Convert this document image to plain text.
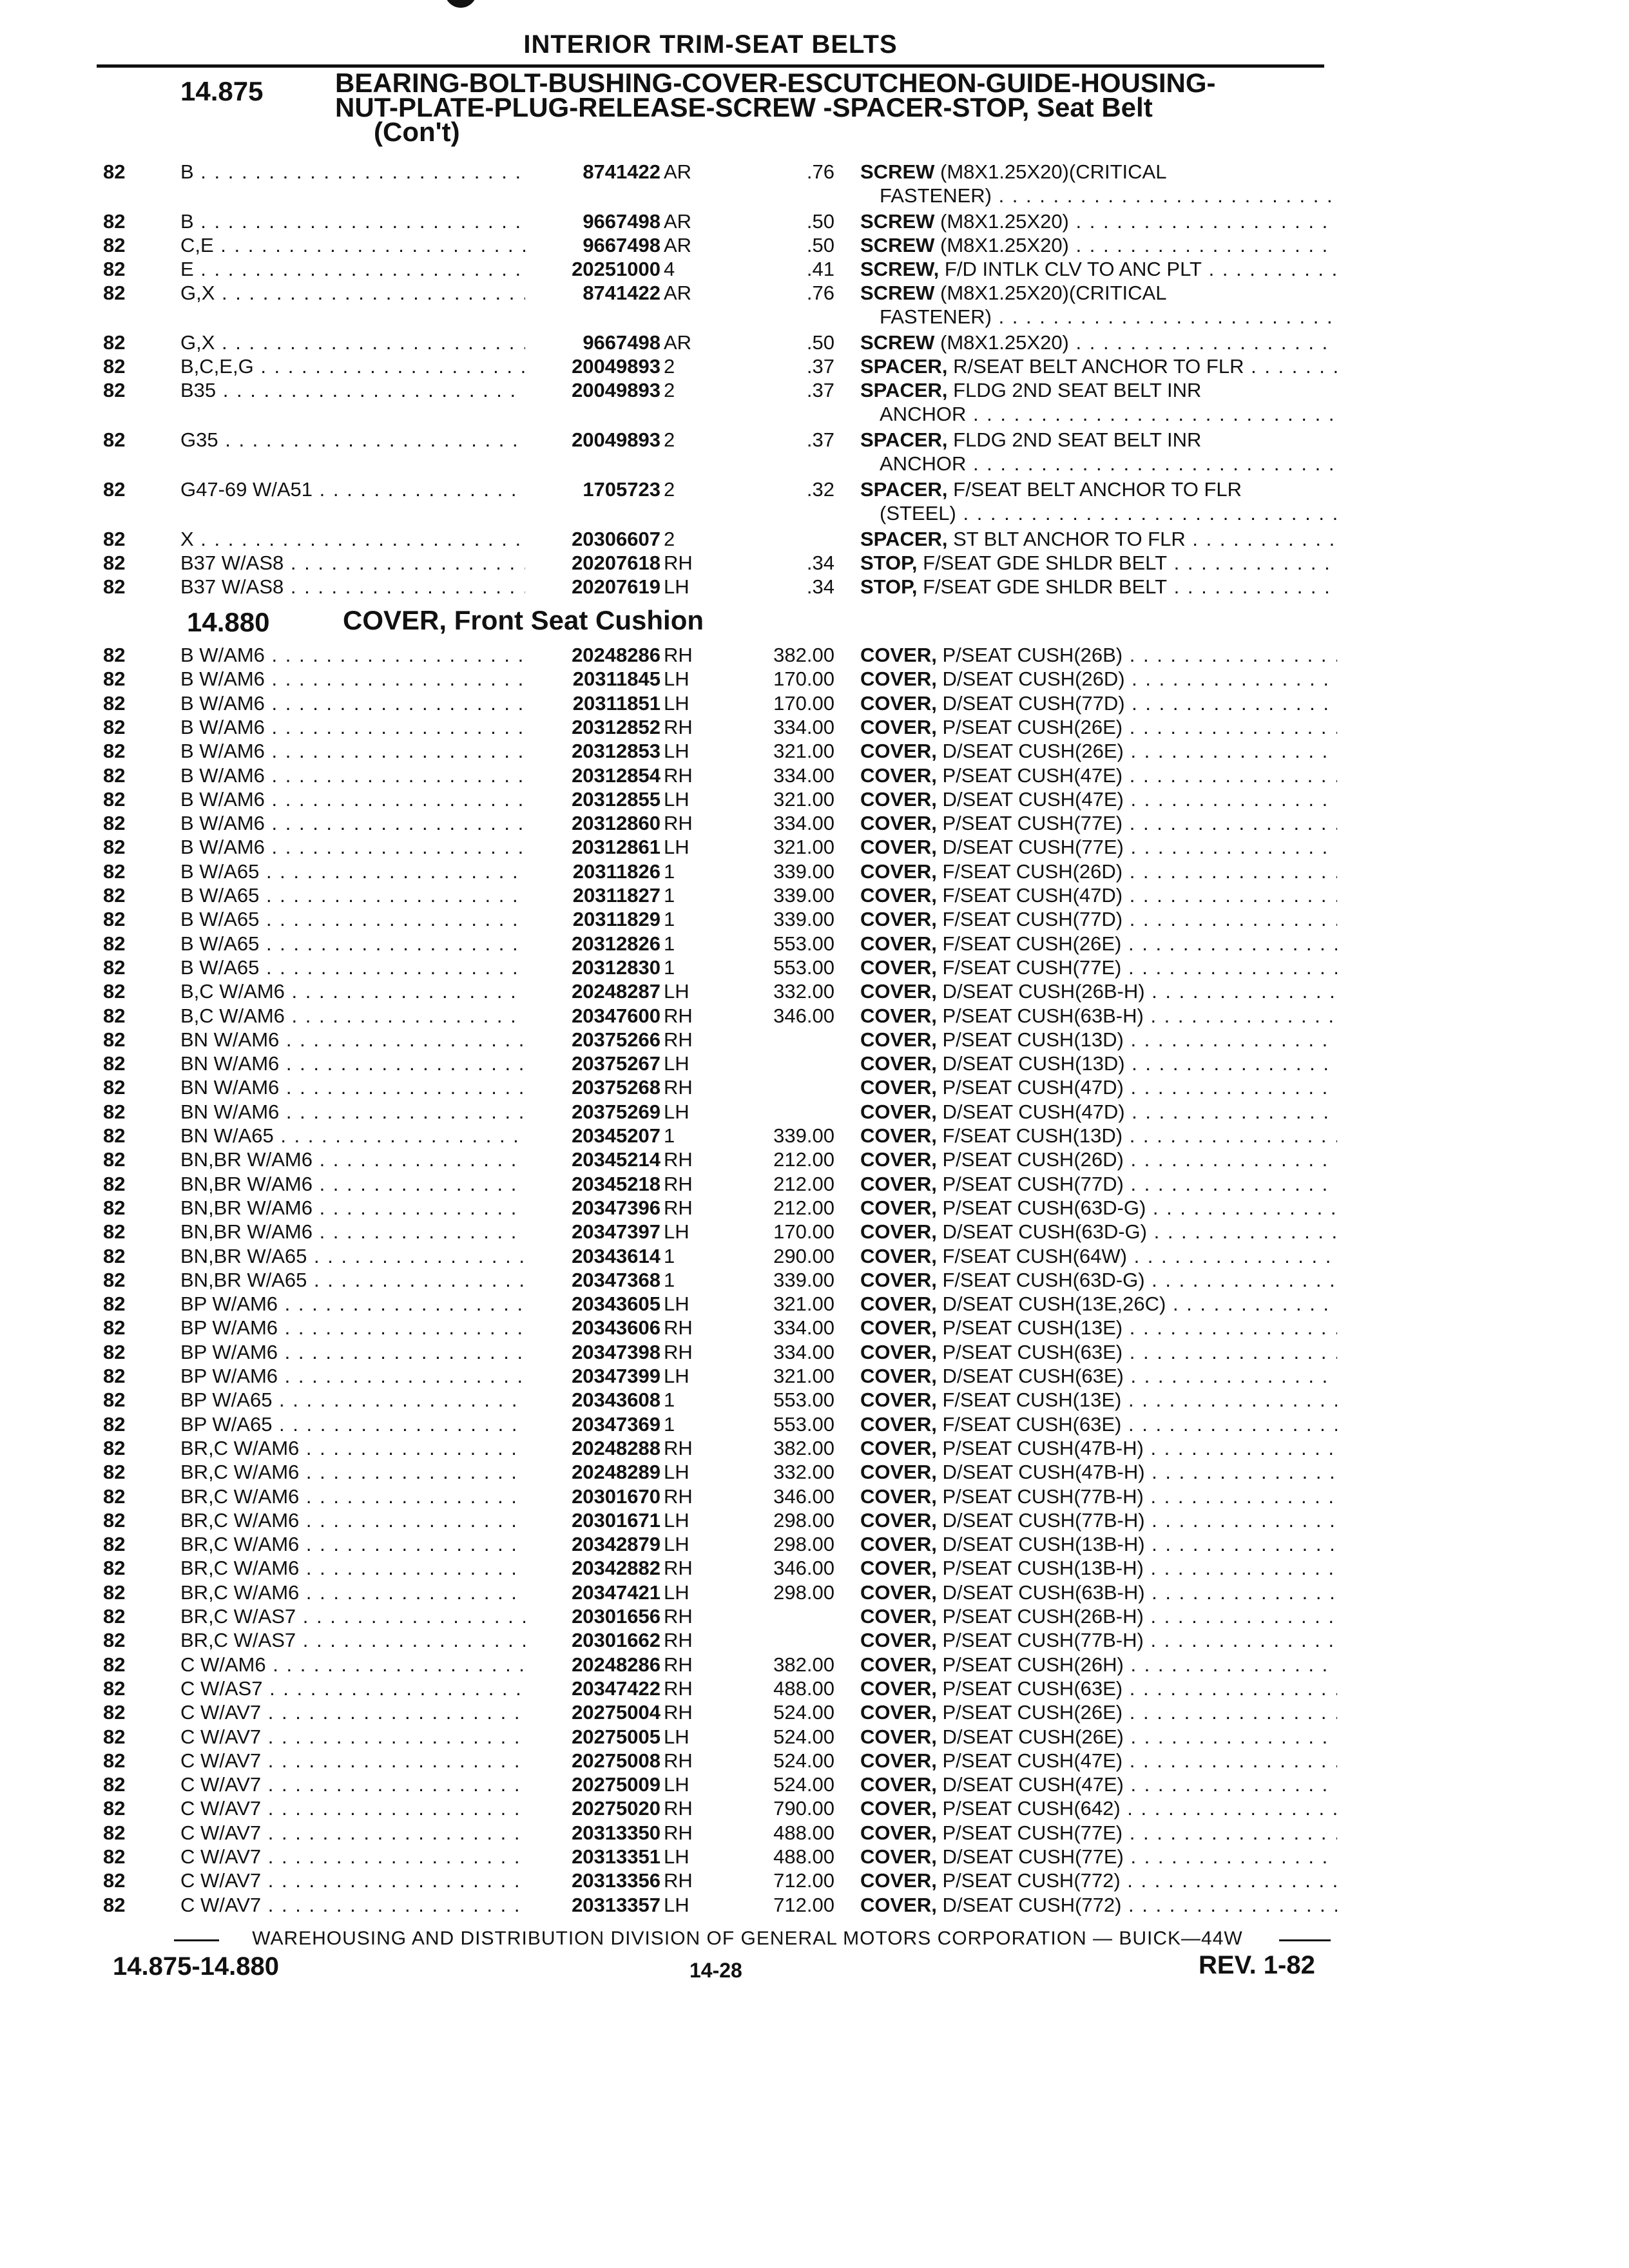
INTERIOR TRIM-SEAT BELTS
14.875	BEARING-BOLT-BUSHING-COVER-ESCUTCHEON-GUIDE-HOUSING-
NUT-PLATE-PLUG-RELEASE-SCREW -SPACER-STOP, Seat Belt
(Con't)
82	B . . .	8741422 AR	.76 SCREW (M8X1.25X20)(CRITICAL
FASTENER) . . .
82	B . . .	9667498 AR	.50 SCREW (M8X1.25X20) . . .
82	C,E . . .	9667498 AR	.50 SCREW (M8X1.25X20) . . .
82	E . . .	20251000 4	.41 SCREW, F/D INTLK CLV TO ANC PLT . . .
82	G,X . . .	8741422 AR	.76 SCREW (M8X1.25X20)(CRITICAL
FASTENER) . . .
82	G,X . . .	9667498 AR	.50 SCREW (M8X1.25X20) . . .
82	B,C,E,G . . .	20049893 2	.37 SPACER, R/SEAT BELT ANCHOR TO FLR . . .
82	B35 . . .	20049893 2	.37 SPACER, FLDG 2ND SEAT BELT INR
ANCHOR . . .
82	G35 . . .	20049893 2	.37 SPACER, FLDG 2ND SEAT BELT INR
ANCHOR . . .
82	G47-69 W/A51 . . .	1705723 2	.32 SPACER, F/SEAT BELT ANCHOR TO FLR
(STEEL) . . .
82	X . . .	20306607 2	SPACER, ST BLT ANCHOR TO FLR . . .
82	B37 W/AS8 . . .	20207618 RH	.34 STOP, F/SEAT GDE SHLDR BELT . . .
82	B37 W/AS8 . . .	20207619 LH	.34 STOP, F/SEAT GDE SHLDR BELT . . .
14.880	COVER, Front Seat Cushion
82	B W/AM6 . . .	20248286 RH	382.00 COVER, P/SEAT CUSH(26B) . . .
82	B W/AM6 . . .	20311845 LH	170.00 COVER, D/SEAT CUSH(26D) . . .
82	B W/AM6 . . .	20311851 LH	170.00 COVER, D/SEAT CUSH(77D) . . .
82	B W/AM6 . . .	20312852 RH	334.00 COVER, P/SEAT CUSH(26E) . . .
82	B W/AM6 . . .	20312853 LH	321.00 COVER, D/SEAT CUSH(26E) . . .
82	B W/AM6 . . .	20312854 RH	334.00 COVER, P/SEAT CUSH(47E) . . .
82	B W/AM6 . . .	20312855 LH	321.00 COVER, D/SEAT CUSH(47E) . . .
82	B W/AM6 . . .	20312860 RH	334.00 COVER, P/SEAT CUSH(77E) . . .
82	B W/AM6 . . .	20312861 LH	321.00 COVER, D/SEAT CUSH(77E) . . .
82	B W/A65 . . .	20311826 1	339.00 COVER, F/SEAT CUSH(26D) . . .
82	B W/A65 . . .	20311827 1	339.00 COVER, F/SEAT CUSH(47D) . . .
82	B W/A65 . . .	20311829 1	339.00 COVER, F/SEAT CUSH(77D) . . .
82	B W/A65 . . .	20312826 1	553.00 COVER, F/SEAT CUSH(26E) . . .
82	B W/A65 . . .	20312830 1	553.00 COVER, F/SEAT CUSH(77E) . . .
82	B,C W/AM6 . . .	20248287 LH	332.00 COVER, D/SEAT CUSH(26B-H) . . .
82	B,C W/AM6 . . .	20347600 RH	346.00 COVER, P/SEAT CUSH(63B-H) . . .
82	BN W/AM6 . . .	20375266 RH	COVER, P/SEAT CUSH(13D) . . .
82	BN W/AM6 . . .	20375267 LH	COVER, D/SEAT CUSH(13D) . . .
82	BN W/AM6 . . .	20375268 RH	COVER, P/SEAT CUSH(47D) . . .
82	BN W/AM6 . . .	20375269 LH	COVER, D/SEAT CUSH(47D) . . .
82	BN W/A65 . . .	20345207 1	339.00 COVER, F/SEAT CUSH(13D) . . .
82	BN,BR W/AM6 . . .	20345214 RH	212.00 COVER, P/SEAT CUSH(26D) . . .
82	BN,BR W/AM6 . . .	20345218 RH	212.00 COVER, P/SEAT CUSH(77D) . . .
82	BN,BR W/AM6 . . .	20347396 RH	212.00 COVER, P/SEAT CUSH(63D-G) . . .
82	BN,BR W/AM6 . . .	20347397 LH	170.00 COVER, D/SEAT CUSH(63D-G) . . .
82	BN,BR W/A65 . . .	20343614 1	290.00 COVER, F/SEAT CUSH(64W) . . .
82	BN,BR W/A65 . . .	20347368 1	339.00 COVER, F/SEAT CUSH(63D-G) . . .
82	BP W/AM6 . . .	20343605 LH	321.00 COVER, D/SEAT CUSH(13E,26C) . . .
82	BP W/AM6 . . .	20343606 RH	334.00 COVER, P/SEAT CUSH(13E) . . .
82	BP W/AM6 . . .	20347398 RH	334.00 COVER, P/SEAT CUSH(63E) . . .
82	BP W/AM6 . . .	20347399 LH	321.00 COVER, D/SEAT CUSH(63E) . . .
82	BP W/A65 . . .	20343608 1	553.00 COVER, F/SEAT CUSH(13E) . . .
82	BP W/A65 . . .	20347369 1	553.00 COVER, F/SEAT CUSH(63E) . . .
82	BR,C W/AM6 . . .	20248288 RH	382.00 COVER, P/SEAT CUSH(47B-H) . . .
82	BR,C W/AM6 . . .	20248289 LH	332.00 COVER, D/SEAT CUSH(47B-H) . . .
82	BR,C W/AM6 . . .	20301670 RH	346.00 COVER, P/SEAT CUSH(77B-H) . . .
82	BR,C W/AM6 . . .	20301671 LH	298.00 COVER, D/SEAT CUSH(77B-H) . . .
82	BR,C W/AM6 . . .	20342879 LH	298.00 COVER, D/SEAT CUSH(13B-H) . . .
82	BR,C W/AM6 . . .	20342882 RH	346.00 COVER, P/SEAT CUSH(13B-H) . . .
82	BR,C W/AM6 . . .	20347421 LH	298.00 COVER, D/SEAT CUSH(63B-H) . . .
82	BR,C W/AS7 . . .	20301656 RH	COVER, P/SEAT CUSH(26B-H) . . .
82	BR,C W/AS7 . . .	20301662 RH	COVER, P/SEAT CUSH(77B-H) . . .
82	C W/AM6 . . .	20248286 RH	382.00 COVER, P/SEAT CUSH(26H) . . .
82	C W/AS7 . . .	20347422 RH	488.00 COVER, P/SEAT CUSH(63E) . . .
82	C W/AV7 . . .	20275004 RH	524.00 COVER, P/SEAT CUSH(26E) . . .
82	C W/AV7 . . .	20275005 LH	524.00 COVER, D/SEAT CUSH(26E) . . .
82	C W/AV7 . . .	20275008 RH	524.00 COVER, P/SEAT CUSH(47E) . . .
82	C W/AV7 . . .	20275009 LH	524.00 COVER, D/SEAT CUSH(47E) . . .
82	C W/AV7 . . .	20275020 RH	790.00 COVER, P/SEAT CUSH(642) . . .
82	C W/AV7 . . .	20313350 RH	488.00 COVER, P/SEAT CUSH(77E) . . .
82	C W/AV7 . . .	20313351 LH	488.00 COVER, D/SEAT CUSH(77E) . . .
82	C W/AV7 . . .	20313356 RH	712.00 COVER, P/SEAT CUSH(772) . . .
82	C W/AV7 . . .	20313357 LH	712.00 COVER, D/SEAT CUSH(772) . . .
WAREHOUSING AND DISTRIBUTION DIVISION OF GENERAL MOTORS CORPORATION — BUICK—44W
14.875-14.880	14-28	REV. 1-82
